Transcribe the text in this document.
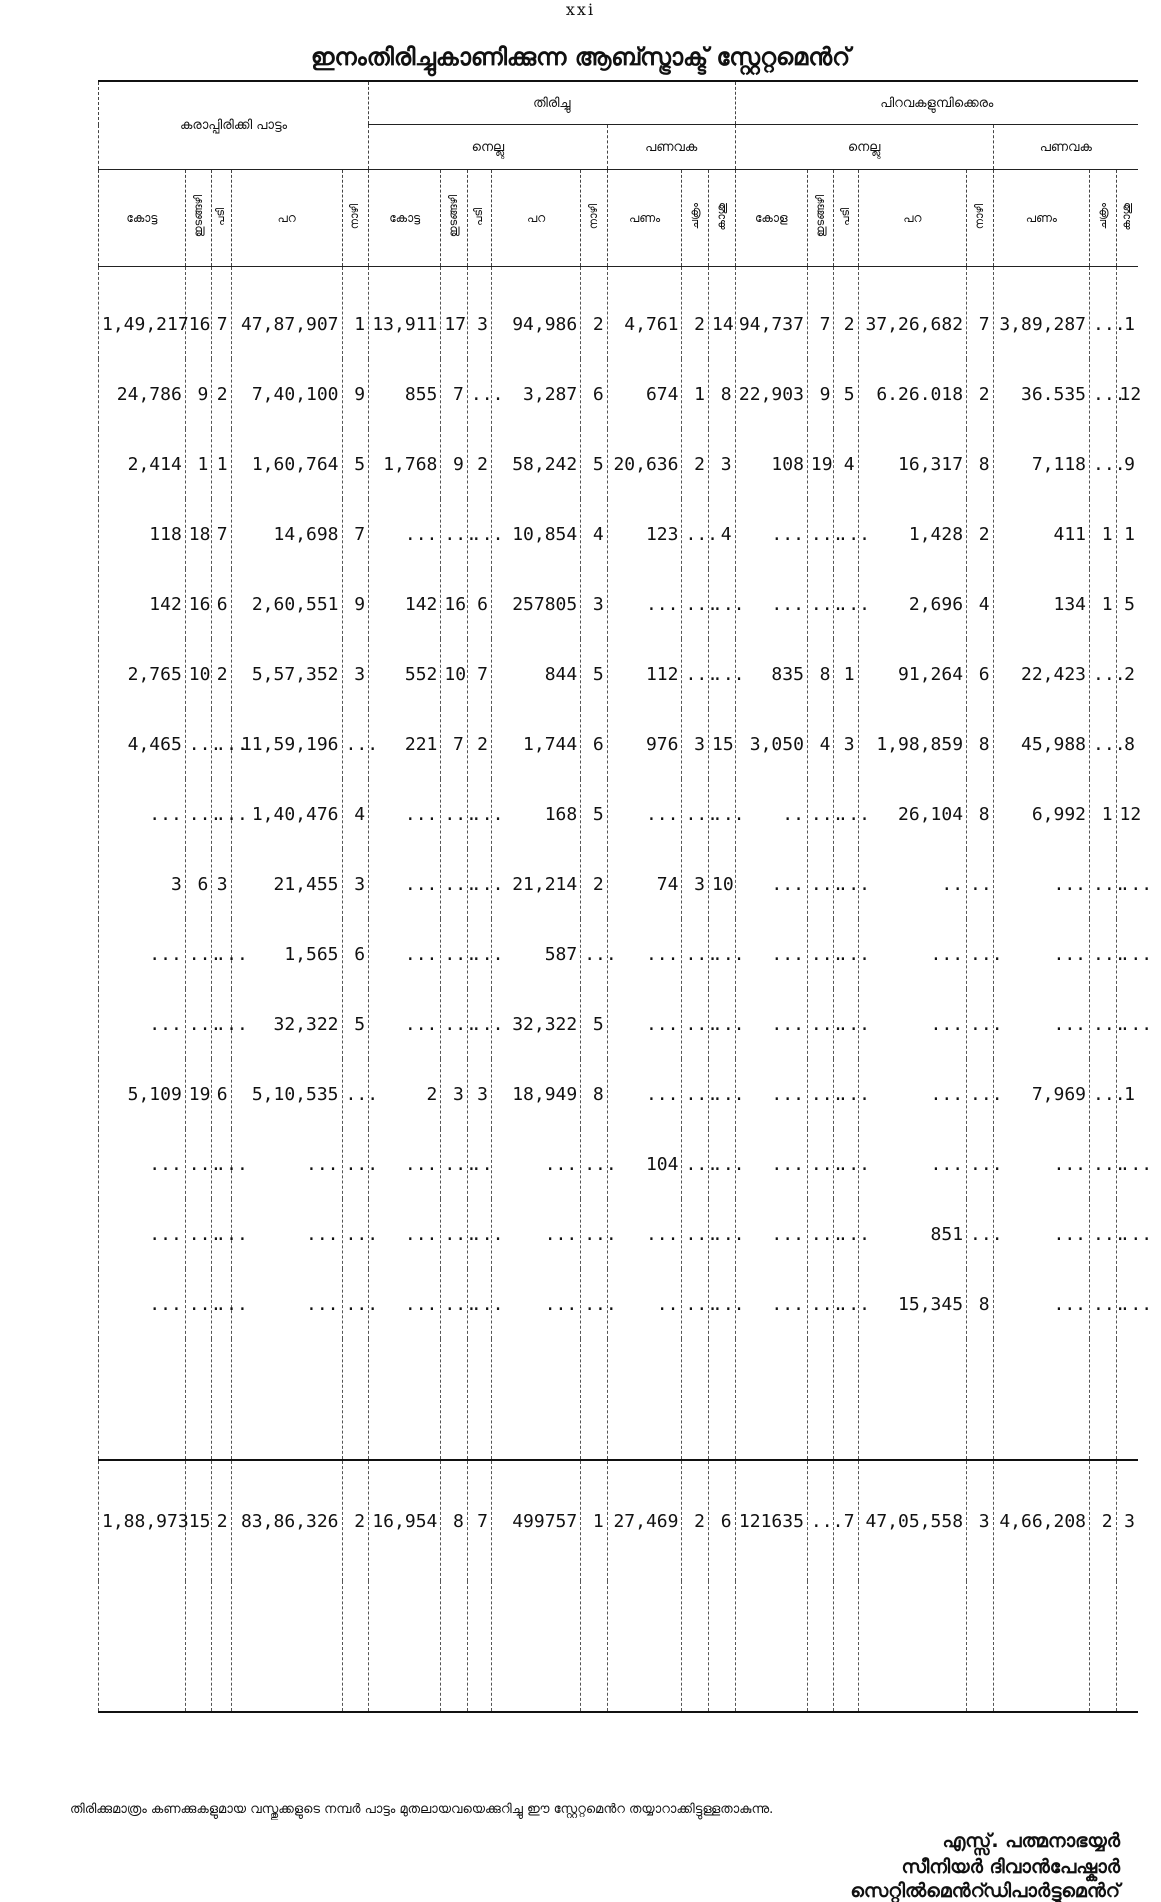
xxi
ഇനംതിരിച്ചുകാണിക്കുന്ന ആബ്സ്ട്രാക്ട് സ്റ്റേറ്റമെൻറ്
കരാപ്പിരിക്കി പാട്ടം					തിരിച്ചു								പിറവകളുമ്പിക്കെരം							
					നെല്ലു					പണവക			നെല്ലു					പണവക		
കോട്ട	ഇടങ്ങഴി	പടി	പറ	നാഴി	കോട്ട	ഇടങ്ങഴി	പടി	പറ	നാഴി	പണം	ചക്രം	കാശു	കോള	ഇടങ്ങഴി	പടി	പറ	നാഴി	പണം	ചക്രം	കാശു
1,49,217	16	7	47,87,907	1	13,911	17	3	94,986	2	4,761	2	14	94,737	7	2	37,26,682	7	3,89,287	...	1
24,786	9	2	7,40,100	9	855	7	...	3,287	6	674	1	8	22,903	9	5	6.26.018	2	36.535	...	12
2,414	1	1	1,60,764	5	1,768	9	2	58,242	5	20,636	2	3	108	19	4	16,317	8	7,118	...	9
118	18	7	14,698	7	...	...	...	10,854	4	123	...	4	...	...	...	1,428	2	411	1	1
142	16	6	2,60,551	9	142	16	6	257805	3	...	...	...	...	...	...	2,696	4	134	1	5
2,765	10	2	5,57,352	3	552	10	7	844	5	112	...	...	835	8	1	91,264	6	22,423	...	2
4,465	...	...	11,59,196	...	221	7	2	1,744	6	976	3	15	3,050	4	3	1,98,859	8	45,988	...	8
...	...	...	1,40,476	4	...	...	...	168	5	...	...	...	..	...	...	26,104	8	6,992	1	12
3	6	3	21,455	3	...	...	...	21,214	2	74	3	10	...	...	...	..	..	...	...	...
...	...	...	1,565	6	...	...	...	587	...	...	...	...	...	...	...	...	...	...	...	...
...	...	...	32,322	5	...	...	...	32,322	5	...	...	...	...	...	...	...	...	...	...	...
5,109	19	6	5,10,535	...	2	3	3	18,949	8	...	...	...	...	...	...	...	...	7,969	...	1
...	...	...	...	...	...	...	..	...	...	104	...	...	...	...	...	...	...	...	...	...
...	...	...	...	...	...	...	...	...	...	...	...	...	...	...	...	851	...	...	...	...
...	...	...	...	...	...	...	...	...	...	..	...	...	...	...	...	15,345	8	...	...	...

1,88,973	15	2	83,86,326	2	16,954	8	7	499757	1	27,469	2	6	121635	...	7	47,05,558	3	4,66,208	2	3

തിരിക്കുമാത്രം കണക്കുകളുമായ വസ്തുക്കളുടെ നമ്പർ പാട്ടം മുതലായവയെക്കുറിച്ചു ഈ സ്റ്റേറ്റമെൻറ തയ്യാറാക്കിട്ടുള്ളതാകുന്നു.
എസ്സ്. പത്മനാഭയ്യർ
സീനിയർ ദിവാൻപേഷ്കാർ
സെറ്റിൽമെൻറ്ഡിപാർട്ടുമെൻറ്
